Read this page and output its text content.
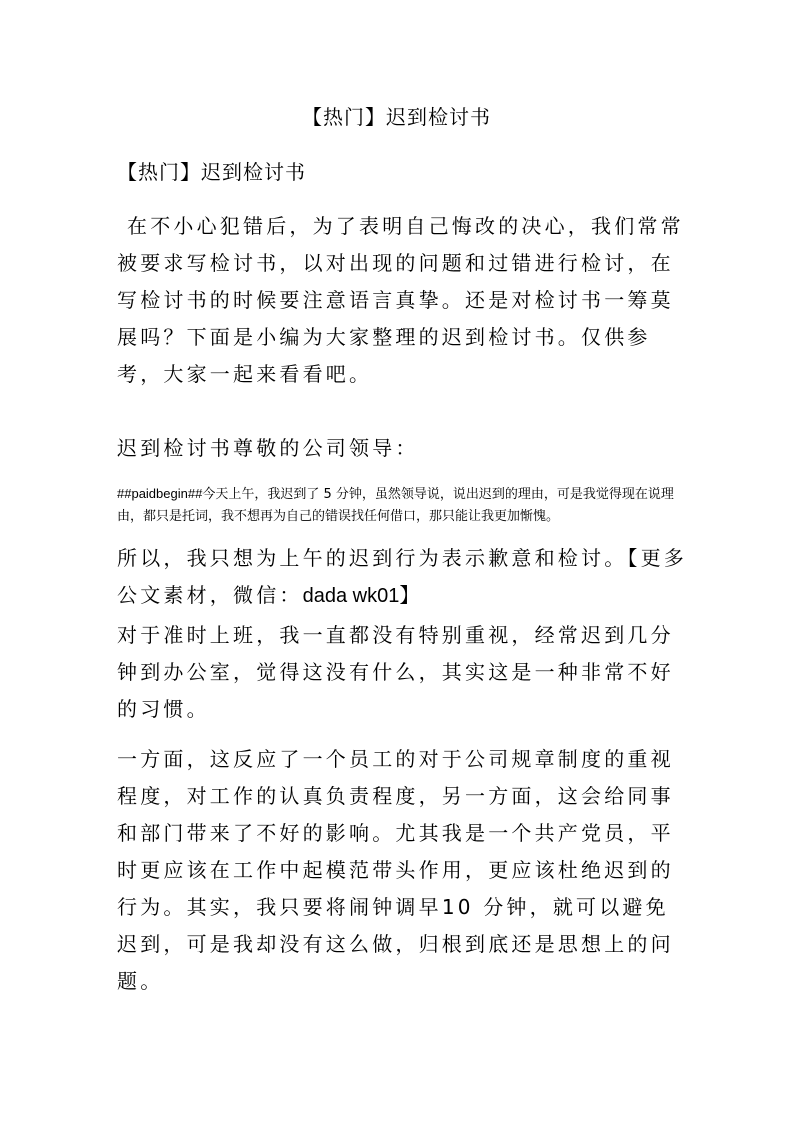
【热门】迟到检讨书
【热门】迟到检讨书

在不小心犯错后，为了表明自己悔改的决心，我们常常被要求写检讨书，以对出现的问题和过错进行检讨，在写检讨书的时候要注意语言真挚。还是对检讨书一筹莫展吗？下面是小编为大家整理的迟到检讨书。仅供参考，大家一起来看看吧。

迟到检讨书尊敬的公司领导：

##paidbegin##今天上午，我迟到了 5 分钟，虽然领导说，说出迟到的理由，可是我觉得现在说理由，都只是托词，我不想再为自己的错误找任何借口，那只能让我更加惭愧。

所以，我只想为上午的迟到行为表示歉意和检讨。【更多公文素材，微信：dada wk01】

对于准时上班，我一直都没有特别重视，经常迟到几分钟到办公室，觉得这没有什么，其实这是一种非常不好的习惯。

一方面，这反应了一个员工的对于公司规章制度的重视程度，对工作的认真负责程度，另一方面，这会给同事和部门带来了不好的影响。尤其我是一个共产党员，平时更应该在工作中起模范带头作用，更应该杜绝迟到的行为。其实，我只要将闹钟调早10 分钟，就可以避免迟到，可是我却没有这么做，归根到底还是思想上的问题。
